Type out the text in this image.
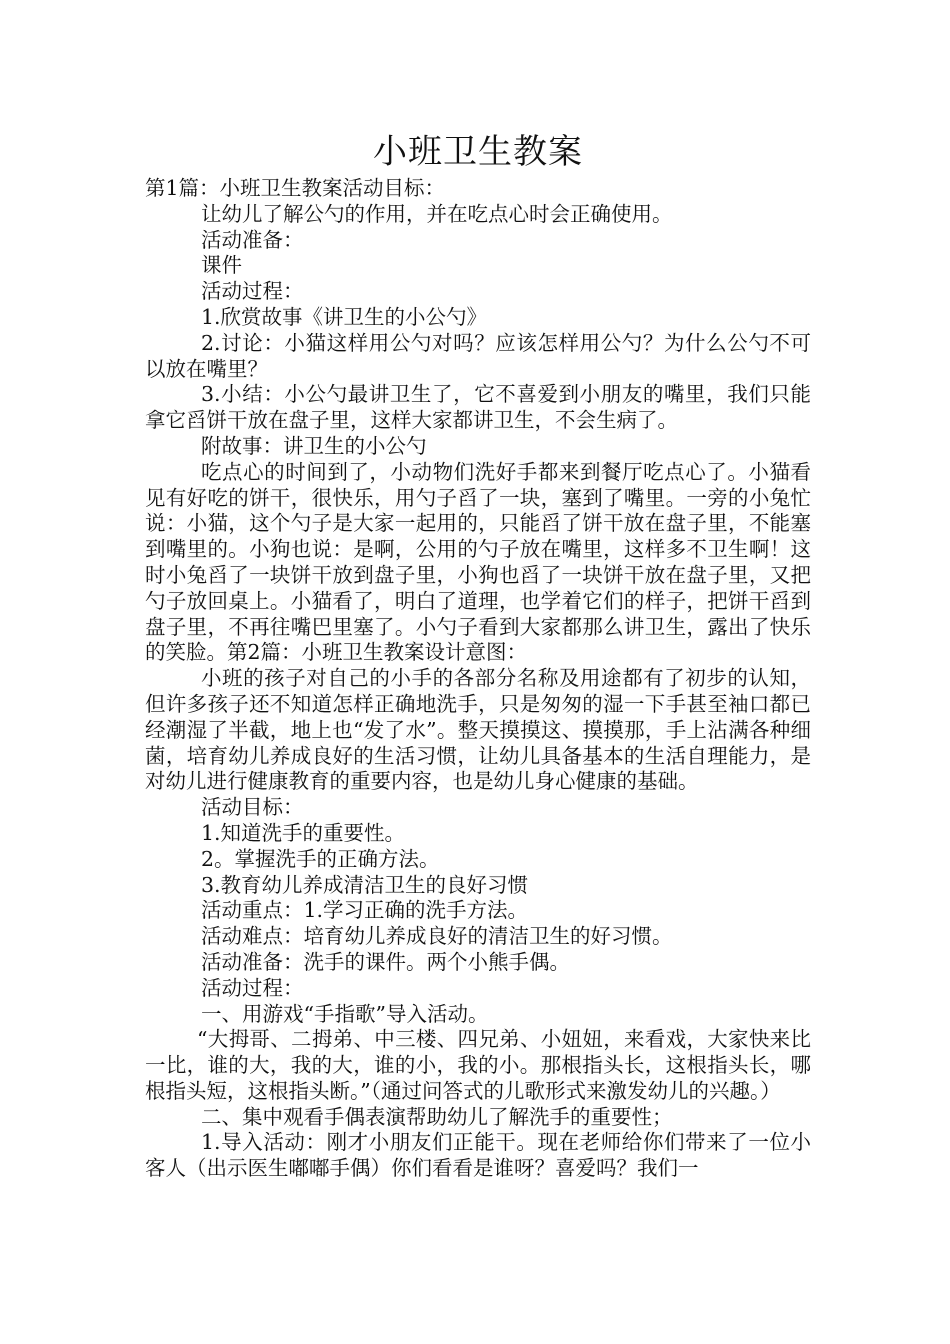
小班卫生教案

第1篇：小班卫生教案活动目标：

让幼儿了解公勺的作用，并在吃点心时会正确使用。

活动准备：

课件

活动过程：

1.欣赏故事《讲卫生的小公勺》

2.讨论：小猫这样用公勺对吗？应该怎样用公勺？为什么公勺不可以放在嘴里？

3.小结：小公勺最讲卫生了，它不喜爱到小朋友的嘴里，我们只能拿它舀饼干放在盘子里，这样大家都讲卫生，不会生病了。

附故事：讲卫生的小公勺

吃点心的时间到了，小动物们洗好手都来到餐厅吃点心了。小猫看见有好吃的饼干，很快乐，用勺子舀了一块，塞到了嘴里。一旁的小兔忙说：小猫，这个勺子是大家一起用的，只能舀了饼干放在盘子里，不能塞到嘴里的。小狗也说：是啊，公用的勺子放在嘴里，这样多不卫生啊！这时小兔舀了一块饼干放到盘子里，小狗也舀了一块饼干放在盘子里，又把勺子放回桌上。小猫看了，明白了道理，也学着它们的样子，把饼干舀到盘子里，不再往嘴巴里塞了。小勺子看到大家都那么讲卫生，露出了快乐的笑脸。第2篇：小班卫生教案设计意图：

小班的孩子对自己的小手的各部分名称及用途都有了初步的认知，但许多孩子还不知道怎样正确地洗手，只是匆匆的湿一下手甚至袖口都已经潮湿了半截，地上也“发了水”。整天摸摸这、摸摸那，手上沾满各种细菌，培育幼儿养成良好的生活习惯，让幼儿具备基本的生活自理能力，是对幼儿进行健康教育的重要内容，也是幼儿身心健康的基础。

活动目标：

1.知道洗手的重要性。

2。掌握洗手的正确方法。

3.教育幼儿养成清洁卫生的良好习惯

活动重点：1.学习正确的洗手方法。

活动难点：培育幼儿养成良好的清洁卫生的好习惯。

活动准备：洗手的课件。两个小熊手偶。

活动过程：

一、用游戏“手指歌”导入活动。

“大拇哥、二拇弟、中三楼、四兄弟、小妞妞，来看戏，大家快来比一比，谁的大，我的大，谁的小，我的小。那根指头长，这根指头长，哪根指头短，这根指头断。”（通过问答式的儿歌形式来激发幼儿的兴趣。）

二、集中观看手偶表演帮助幼儿了解洗手的重要性；

1.导入活动：刚才小朋友们正能干。现在老师给你们带来了一位小客人（出示医生嘟嘟手偶）你们看看是谁呀？喜爱吗？我们一
